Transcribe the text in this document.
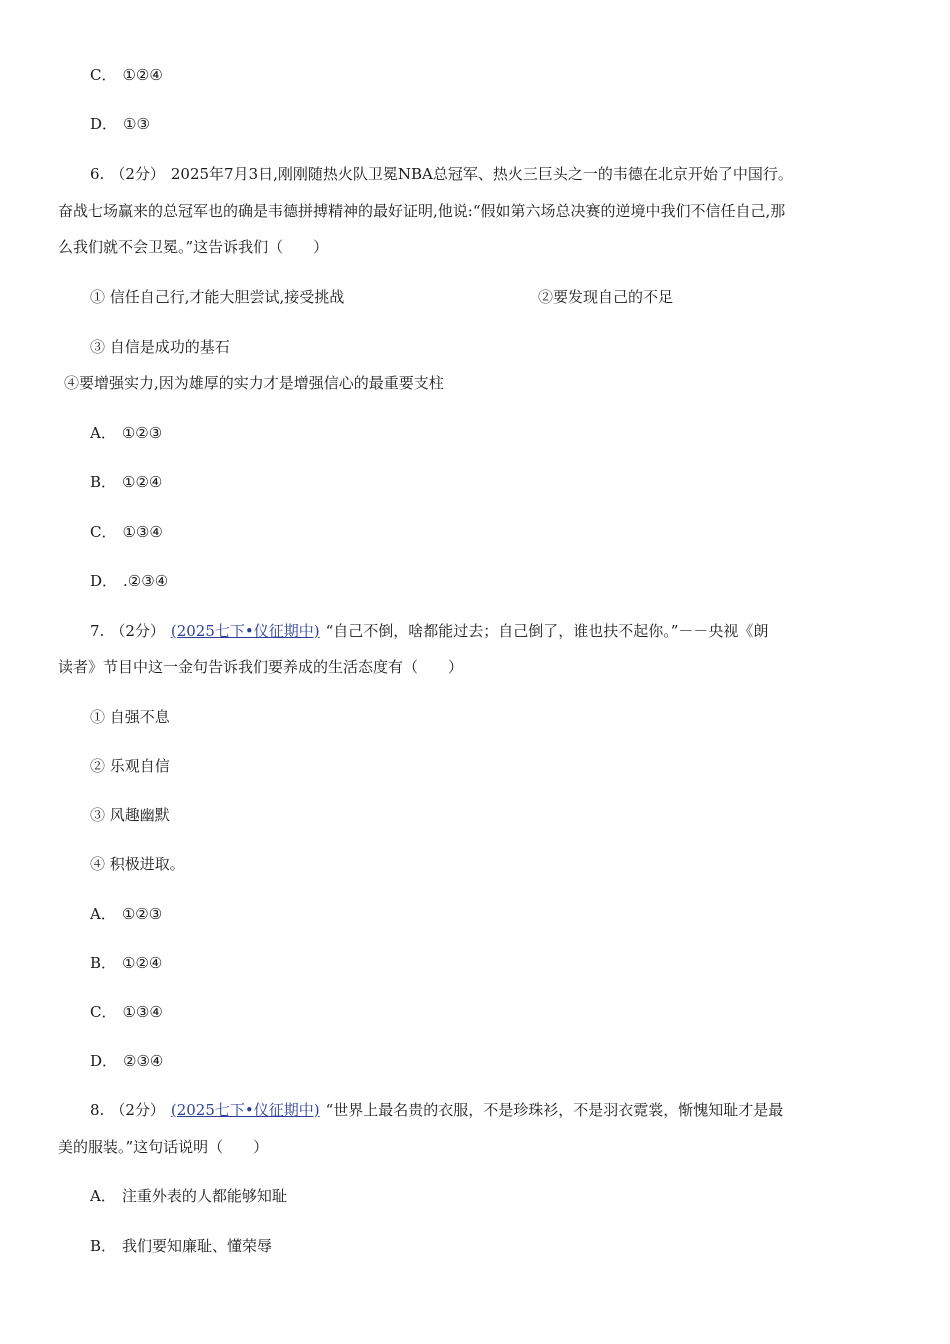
C． ①②④
D． ①③
6. （2分） 2025年7月3日,刚刚随热火队卫冕NBA总冠军、热火三巨头之一的韦德在北京开始了中国行。
奋战七场赢来的总冠军也的确是韦德拼搏精神的最好证明,他说:“假如第六场总决赛的逆境中我们不信任自己,那
么我们就不会卫冕。”这告诉我们（　　）
① 信任自己行,才能大胆尝试,接受挑战	②要发现自己的不足
③ 自信是成功的基石
④要增强实力,因为雄厚的实力才是增强信心的最重要支柱
A． ①②③
B． ①②④
C． ①③④
D． .②③④
7. （2分） (2025七下•仪征期中) “自己不倒，啥都能过去；自己倒了，谁也扶不起你。”－－央视《朗
读者》节目中这一金句告诉我们要养成的生活态度有（　　）
① 自强不息
② 乐观自信
③ 风趣幽默
④ 积极进取。
A． ①②③
B． ①②④
C． ①③④
D． ②③④
8. （2分） (2025七下•仪征期中) “世界上最名贵的衣服，不是珍珠衫，不是羽衣霓裳，惭愧知耻才是最
美的服装。”这句话说明（　　）
A． 注重外表的人都能够知耻
B． 我们要知廉耻、懂荣辱
